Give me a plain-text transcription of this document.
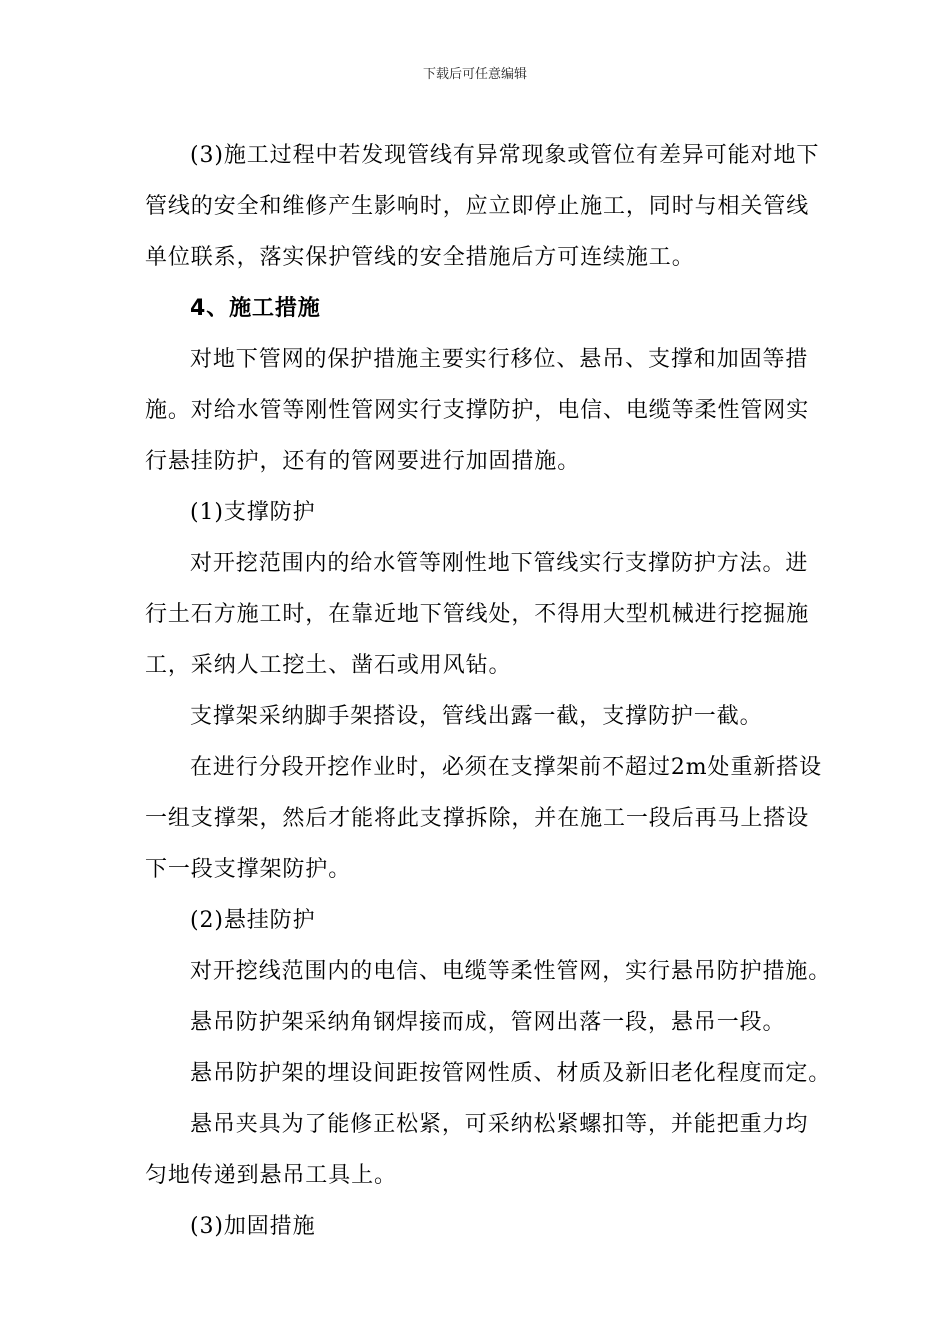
下载后可任意编辑
(3)施工过程中若发现管线有异常现象或管位有差异可能对地下
管线的安全和维修产生影响时，应立即停止施工，同时与相关管线
单位联系，落实保护管线的安全措施后方可连续施工。
4、施工措施
对地下管网的保护措施主要实行移位、悬吊、支撑和加固等措
施。对给水管等刚性管网实行支撑防护，电信、电缆等柔性管网实
行悬挂防护，还有的管网要进行加固措施。
(1)支撑防护
对开挖范围内的给水管等刚性地下管线实行支撑防护方法。进
行土石方施工时，在靠近地下管线处，不得用大型机械进行挖掘施
工，采纳人工挖土、凿石或用风钻。
支撑架采纳脚手架搭设，管线出露一截，支撑防护一截。
在进行分段开挖作业时，必须在支撑架前不超过2m处重新搭设
一组支撑架，然后才能将此支撑拆除，并在施工一段后再马上搭设
下一段支撑架防护。
(2)悬挂防护
对开挖线范围内的电信、电缆等柔性管网，实行悬吊防护措施。
悬吊防护架采纳角钢焊接而成，管网出落一段，悬吊一段。
悬吊防护架的埋设间距按管网性质、材质及新旧老化程度而定。
悬吊夹具为了能修正松紧，可采纳松紧螺扣等，并能把重力均
匀地传递到悬吊工具上。
(3)加固措施
